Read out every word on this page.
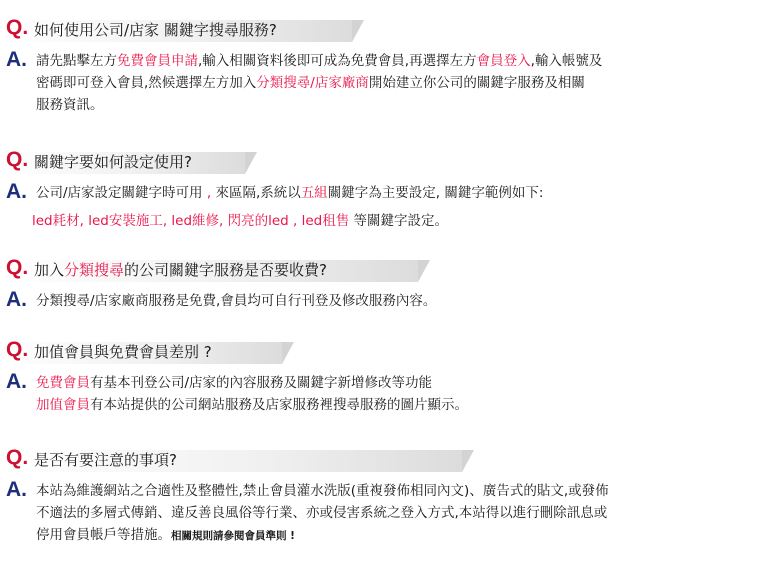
Q. 如何使用公司/店家 關鍵字搜尋服務?
A. 請先點擊左方免費會員申請,輸入相關資料後即可成為免費會員,再選擇左方會員登入,輸入帳號及
密碼即可登入會員,然候選擇左方加入分類搜尋/店家廠商開始建立你公司的關鍵字服務及相關
服務資訊。
Q. 關鍵字要如何設定使用?
A. 公司/店家設定關鍵字時可用 , 來區隔,系統以五組關鍵字為主要設定, 關鍵字範例如下:
led耗材, led安裝施工, led維修, 閃亮的led , led租售 等關鍵字設定。
Q. 加入分類搜尋的公司關鍵字服務是否要收費?
A. 分類搜尋/店家廠商服務是免費,會員均可自行刊登及修改服務內容。
Q. 加值會員與免費會員差別 ?
A. 免費會員有基本刊登公司/店家的內容服務及關鍵字新增修改等功能
加值會員有本站提供的公司網站服務及店家服務裡搜尋服務的圖片顯示。
Q. 是否有要注意的事項?
A. 本站為維護網站之合適性及整體性,禁止會員灌水洗版(重複發佈相同內文)、廣告式的貼文,或發佈
不適法的多層式傳銷、違反善良風俗等行業、亦或侵害系統之登入方式,本站得以進行刪除訊息或
停用會員帳戶等措施。相關規則請參閱會員準則 !
